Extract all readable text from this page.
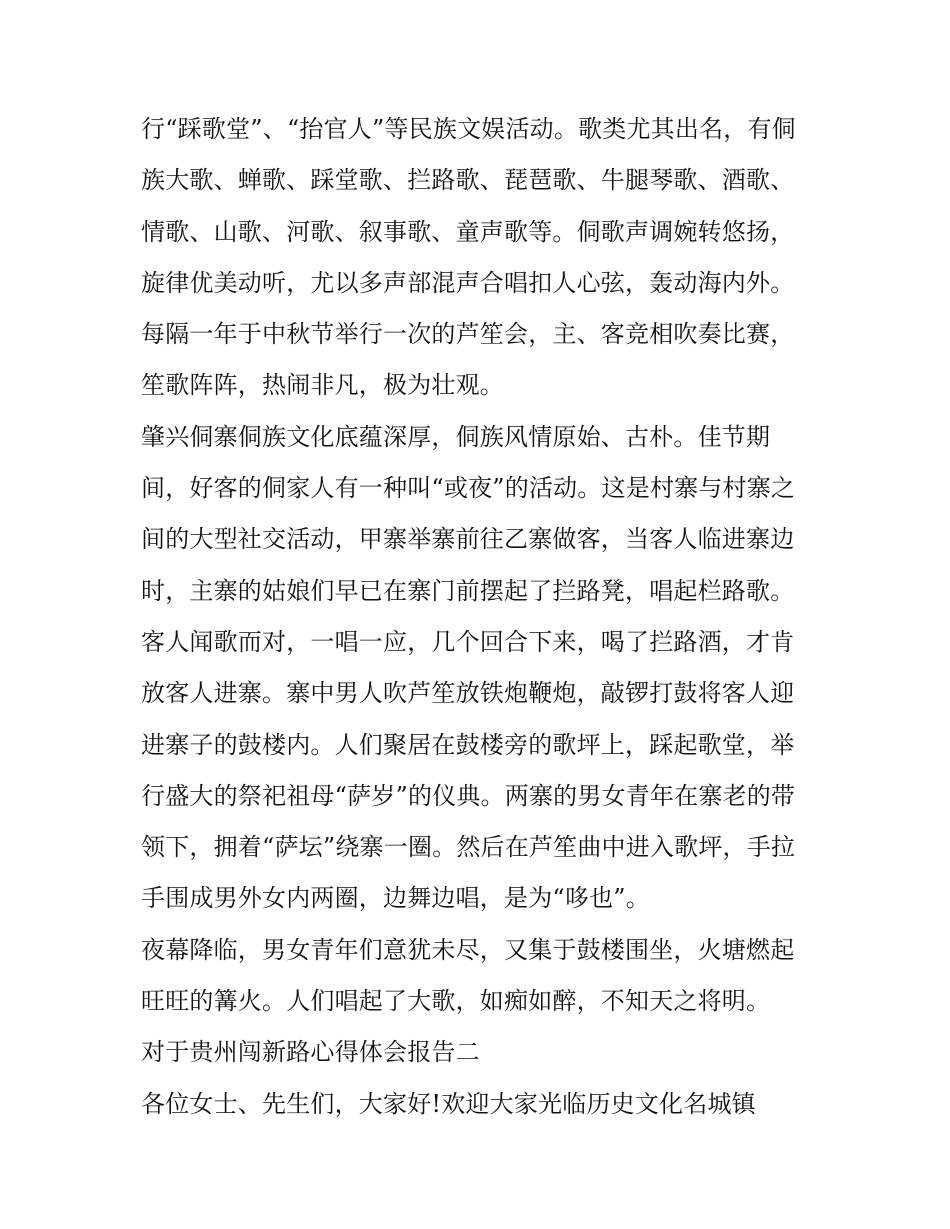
行“踩歌堂”、“抬官人”等民族文娱活动。歌类尤其出名，有侗
族大歌、蝉歌、踩堂歌、拦路歌、琵琶歌、牛腿琴歌、酒歌、
情歌、山歌、河歌、叙事歌、童声歌等。侗歌声调婉转悠扬，
旋律优美动听，尤以多声部混声合唱扣人心弦，轰动海内外。
每隔一年于中秋节举行一次的芦笙会，主、客竞相吹奏比赛，
笙歌阵阵，热闹非凡，极为壮观。
肇兴侗寨侗族文化底蕴深厚，侗族风情原始、古朴。佳节期
间，好客的侗家人有一种叫“或夜”的活动。这是村寨与村寨之
间的大型社交活动，甲寨举寨前往乙寨做客，当客人临进寨边
时，主寨的姑娘们早已在寨门前摆起了拦路凳，唱起栏路歌。
客人闻歌而对，一唱一应，几个回合下来，喝了拦路酒，才肯
放客人进寨。寨中男人吹芦笙放铁炮鞭炮，敲锣打鼓将客人迎
进寨子的鼓楼内。人们聚居在鼓楼旁的歌坪上，踩起歌堂，举
行盛大的祭祀祖母“萨岁”的仪典。两寨的男女青年在寨老的带
领下，拥着“萨坛”绕寨一圈。然后在芦笙曲中进入歌坪，手拉
手围成男外女内两圈，边舞边唱，是为“哆也”。
夜幕降临，男女青年们意犹未尽，又集于鼓楼围坐，火塘燃起
旺旺的篝火。人们唱起了大歌，如痴如醉，不知天之将明。
对于贵州闯新路心得体会报告二
各位女士、先生们，大家好!欢迎大家光临历史文化名城镇
